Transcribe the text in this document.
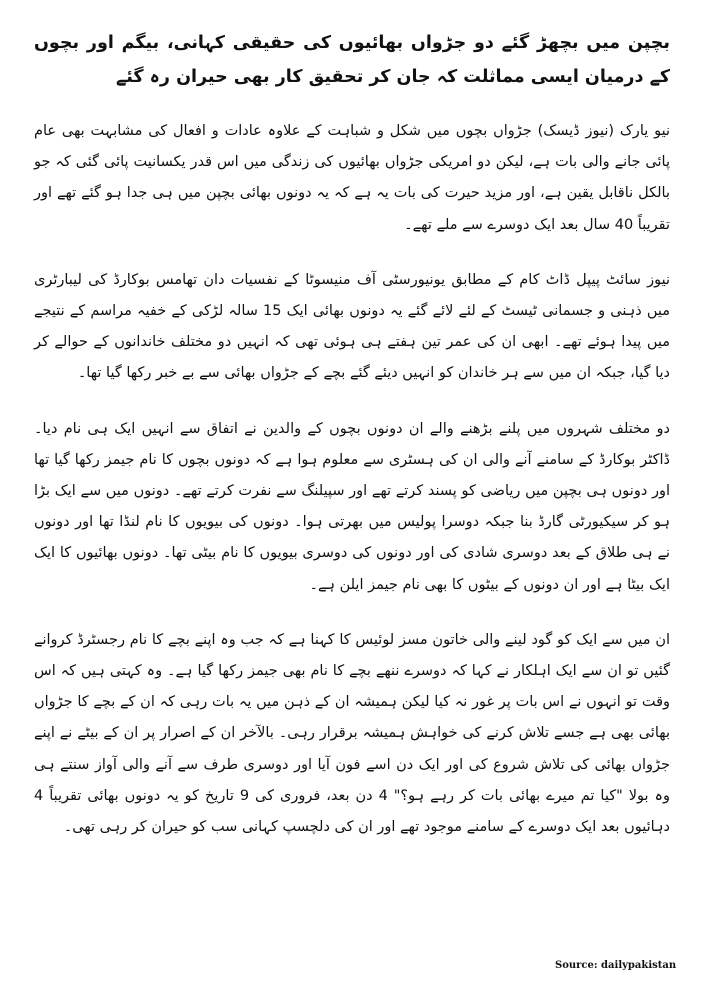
بچپن میں بچھڑ گئے دو جڑواں بھائیوں کی حقیقی کہانی، بیگم اور بچوں کے درمیان ایسی مماثلت کہ جان کر تحقیق کار بھی حیران رہ گئے

نیو یارک (نیوز ڈیسک) جڑواں بچوں میں شکل و شباہت کے علاوہ عادات و افعال کی مشابہت بھی عام پائی جانے والی بات ہے، لیکن دو امریکی جڑواں بھائیوں کی زندگی میں اس قدر یکسانیت پائی گئی کہ جو بالکل ناقابل یقین ہے، اور مزید حیرت کی بات یہ ہے کہ یہ دونوں بھائی بچپن میں ہی جدا ہو گئے تھے اور تقریباً 40 سال بعد ایک دوسرے سے ملے تھے۔

نیوز سائٹ پیپل ڈاٹ کام کے مطابق یونیورسٹی آف منیسوٹا کے نفسیات دان تھامس بوکارڈ کی لیبارٹری میں ذہنی و جسمانی ٹیسٹ کے لئے لائے گئے یہ دونوں بھائی ایک 15 سالہ لڑکی کے خفیہ مراسم کے نتیجے میں پیدا ہوئے تھے۔ ابھی ان کی عمر تین ہفتے ہی ہوئی تھی کہ انہیں دو مختلف خاندانوں کے حوالے کر دیا گیا، جبکہ ان میں سے ہر خاندان کو انہیں دیئے گئے بچے کے جڑواں بھائی سے بے خبر رکھا گیا تھا۔

دو مختلف شہروں میں پلنے بڑھنے والے ان دونوں بچوں کے والدین نے اتفاق سے انہیں ایک ہی نام دیا۔ ڈاکٹر بوکارڈ کے سامنے آنے والی ان کی ہسٹری سے معلوم ہوا ہے کہ دونوں بچوں کا نام جیمز رکھا گیا تھا اور دونوں ہی بچپن میں ریاضی کو پسند کرتے تھے اور سپیلنگ سے نفرت کرتے تھے۔ دونوں میں سے ایک بڑا ہو کر سیکیورٹی گارڈ بنا جبکہ دوسرا پولیس میں بھرتی ہوا۔ دونوں کی بیویوں کا نام لنڈا تھا اور دونوں نے ہی طلاق کے بعد دوسری شادی کی اور دونوں کی دوسری بیویوں کا نام بیٹی تھا۔ دونوں بھائیوں کا ایک ایک بیٹا ہے اور ان دونوں کے بیٹوں کا بھی نام جیمز ایلن ہے۔

ان میں سے ایک کو گود لینے والی خاتون مسز لوئیس کا کہنا ہے کہ جب وہ اپنے بچے کا نام رجسٹرڈ کروانے گئیں تو ان سے ایک اہلکار نے کہا کہ دوسرے ننھے بچے کا نام بھی جیمز رکھا گیا ہے۔ وہ کہتی ہیں کہ اس وقت تو انہوں نے اس بات پر غور نہ کیا لیکن ہمیشہ ان کے ذہن میں یہ بات رہی کہ ان کے بچے کا جڑواں بھائی بھی ہے جسے تلاش کرنے کی خواہش ہمیشہ برقرار رہی۔ بالآخر ان کے اصرار پر ان کے بیٹے نے اپنے جڑواں بھائی کی تلاش شروع کی اور ایک دن اسے فون آیا اور دوسری طرف سے آنے والی آواز سنتے ہی وہ بولا "کیا تم میرے بھائی بات کر رہے ہو؟" 4 دن بعد، فروری کی 9 تاریخ کو یہ دونوں بھائی تقریباً 4 دہائیوں بعد ایک دوسرے کے سامنے موجود تھے اور ان کی دلچسپ کہانی سب کو حیران کر رہی تھی۔

Source: dailypakistan
